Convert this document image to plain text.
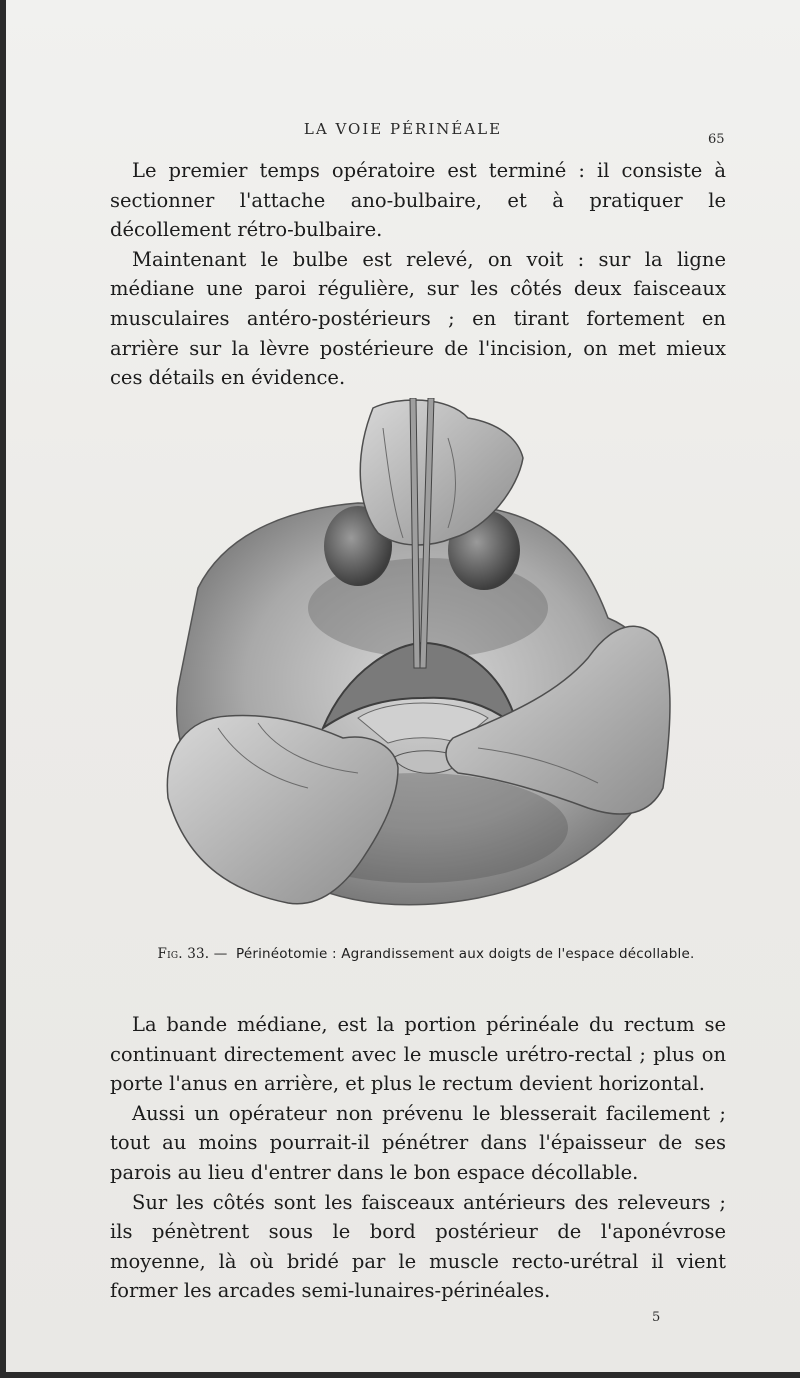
LA VOIE PÉRINÉALE
65

Le premier temps opératoire est terminé : il consiste à sectionner l'attache ano-bulbaire, et à pratiquer le décollement rétro-bulbaire.

Maintenant le bulbe est relevé, on voit : sur la ligne médiane une paroi régulière, sur les côtés deux faisceaux musculaires antéro-postérieurs ; en tirant fortement en arrière sur la lèvre postérieure de l'incision, on met mieux ces détails en évidence.

Fig. 33. — Périnéotomie : Agrandissement aux doigts de l'espace décollable.

La bande médiane, est la portion périnéale du rectum se continuant directement avec le muscle urétro-rectal ; plus on porte l'anus en arrière, et plus le rectum devient horizontal.

Aussi un opérateur non prévenu le blesserait facilement ; tout au moins pourrait-il pénétrer dans l'épaisseur de ses parois au lieu d'entrer dans le bon espace décollable.

Sur les côtés sont les faisceaux antérieurs des releveurs ; ils pénètrent sous le bord postérieur de l'aponévrose moyenne, là où bridé par le muscle recto-urétral il vient former les arcades semi-lunaires-périnéales.

5
